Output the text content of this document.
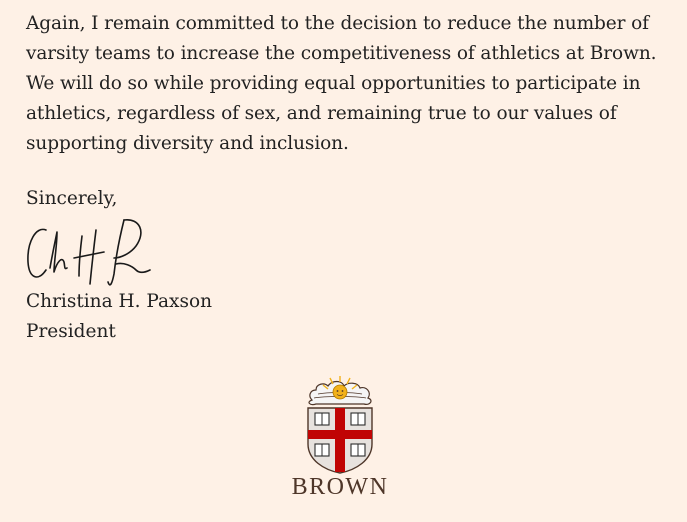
Again, I remain committed to the decision to reduce the number of varsity teams to increase the competitiveness of athletics at Brown. We will do so while providing equal opportunities to participate in athletics, regardless of sex, and remaining true to our values of supporting diversity and inclusion.

Sincerely,

Christina H. Paxson

President

BROWN
